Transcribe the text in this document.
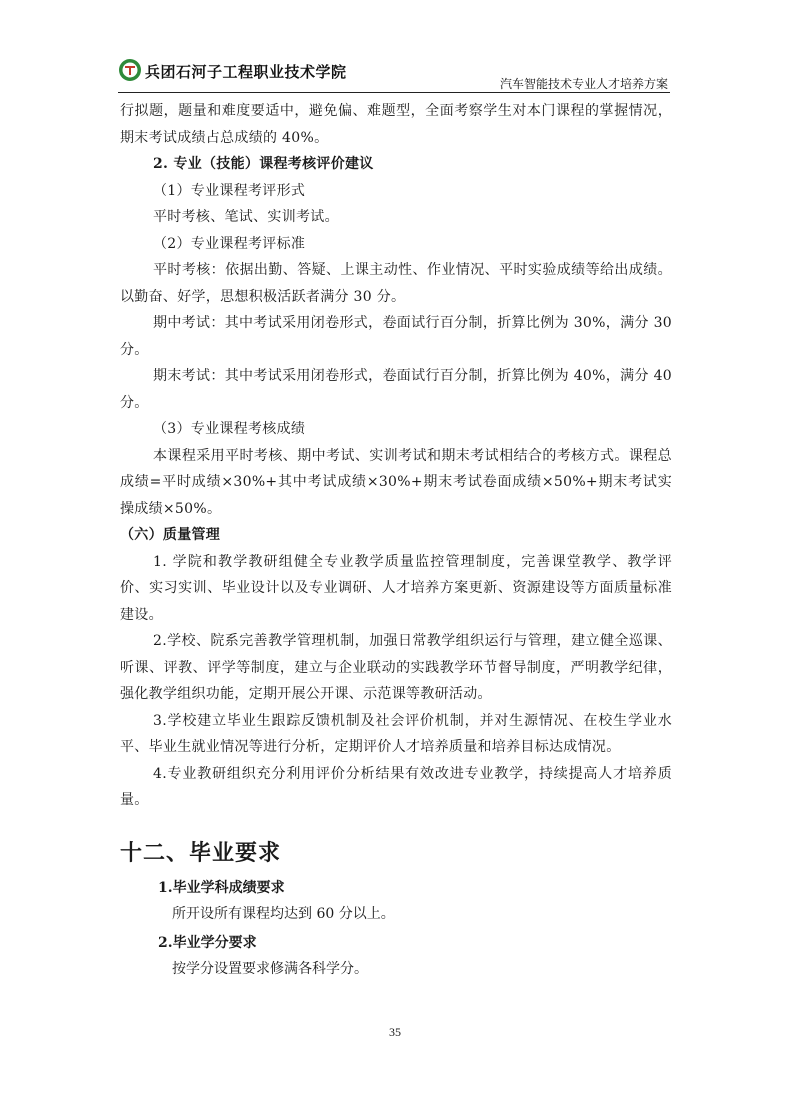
兵团石河子工程职业技术学院
汽车智能技术专业人才培养方案

行拟题，题量和难度要适中，避免偏、难题型，全面考察学生对本门课程的掌握情况，期末考试成绩占总成绩的 40%。

2. 专业（技能）课程考核评价建议

（1）专业课程考评形式

平时考核、笔试、实训考试。

（2）专业课程考评标准

平时考核：依据出勤、答疑、上课主动性、作业情况、平时实验成绩等给出成绩。以勤奋、好学，思想积极活跃者满分 30 分。

期中考试：其中考试采用闭卷形式，卷面试行百分制，折算比例为 30%，满分 30 分。

期末考试：其中考试采用闭卷形式，卷面试行百分制，折算比例为 40%，满分 40 分。

（3）专业课程考核成绩

本课程采用平时考核、期中考试、实训考试和期末考试相结合的考核方式。课程总成绩=平时成绩×30%+其中考试成绩×30%+期末考试卷面成绩×50%+期末考试实操成绩×50%。

（六）质量管理

1. 学院和教学教研组健全专业教学质量监控管理制度，完善课堂教学、教学评价、实习实训、毕业设计以及专业调研、人才培养方案更新、资源建设等方面质量标准建设。

2.学校、院系完善教学管理机制，加强日常教学组织运行与管理，建立健全巡课、听课、评教、评学等制度，建立与企业联动的实践教学环节督导制度，严明教学纪律，强化教学组织功能，定期开展公开课、示范课等教研活动。

3.学校建立毕业生跟踪反馈机制及社会评价机制，并对生源情况、在校生学业水平、毕业生就业情况等进行分析，定期评价人才培养质量和培养目标达成情况。

4.专业教研组织充分利用评价分析结果有效改进专业教学，持续提高人才培养质量。

十二、毕业要求

1.毕业学科成绩要求

所开设所有课程均达到 60 分以上。

2.毕业学分要求

按学分设置要求修满各科学分。

35
